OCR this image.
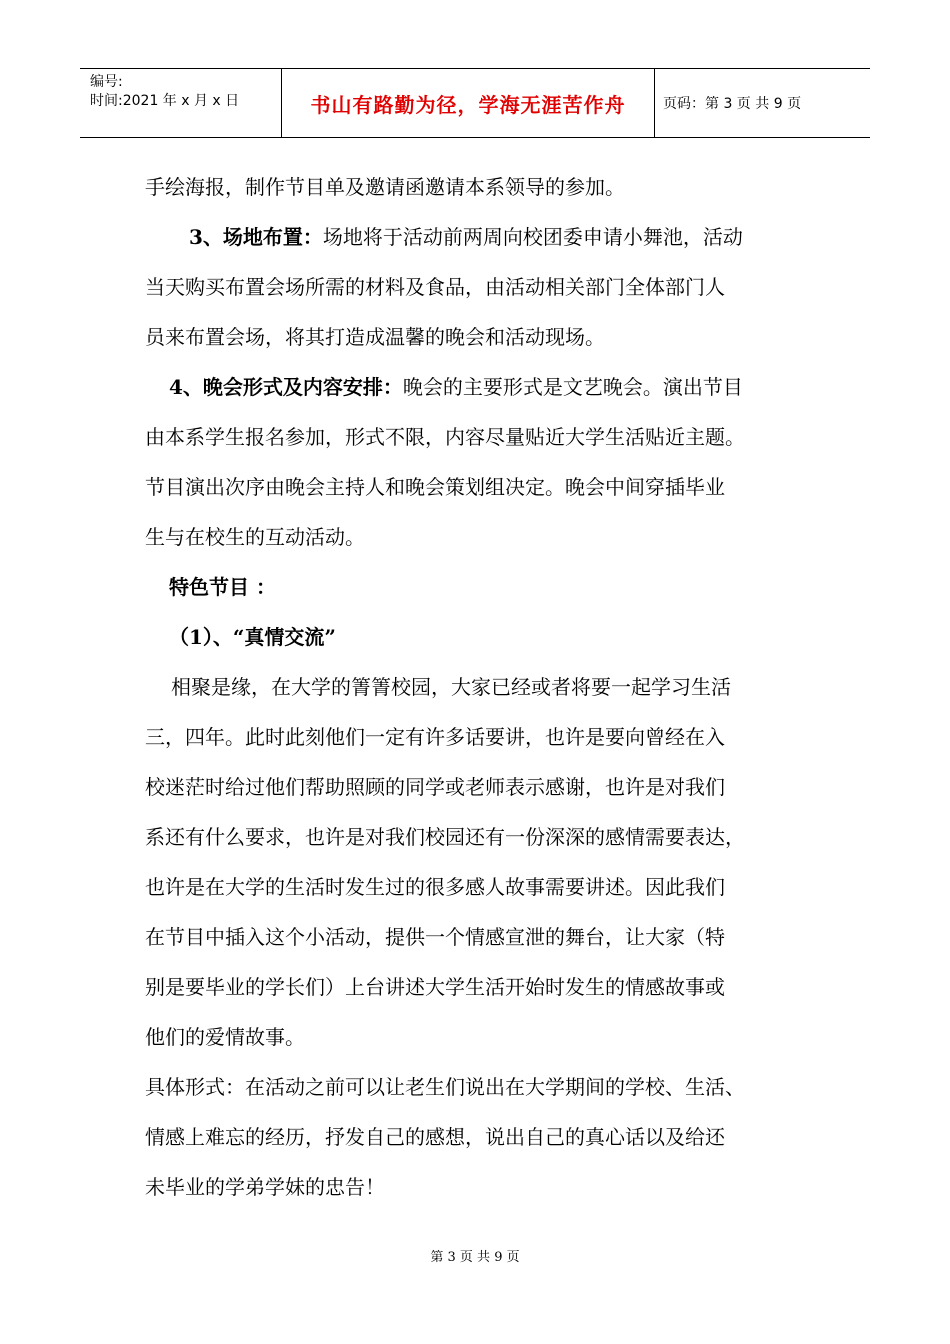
编号:
时间:2021 年 x 月 x 日	书山有路勤为径，学海无涯苦作舟	页码：第 3 页 共 9 页

手绘海报，制作节目单及邀请函邀请本系领导的参加。

3、场地布置：场地将于活动前两周向校团委申请小舞池，活动

当天购买布置会场所需的材料及食品，由活动相关部门全体部门人

员来布置会场，将其打造成温馨的晚会和活动现场。

4、晚会形式及内容安排：晚会的主要形式是文艺晚会。演出节目

由本系学生报名参加，形式不限，内容尽量贴近大学生活贴近主题。

节目演出次序由晚会主持人和晚会策划组决定。晚会中间穿插毕业

生与在校生的互动活动。

特色节目 ：

（1）、“真情交流”

相聚是缘，在大学的箐箐校园，大家已经或者将要一起学习生活

三，四年。此时此刻他们一定有许多话要讲，也许是要向曾经在入

校迷茫时给过他们帮助照顾的同学或老师表示感谢，也许是对我们

系还有什么要求，也许是对我们校园还有一份深深的感情需要表达，

也许是在大学的生活时发生过的很多感人故事需要讲述。因此我们

在节目中插入这个小活动，提供一个情感宣泄的舞台，让大家（特

别是要毕业的学长们）上台讲述大学生活开始时发生的情感故事或

他们的爱情故事。

具体形式：在活动之前可以让老生们说出在大学期间的学校、生活、

情感上难忘的经历，抒发自己的感想，说出自己的真心话以及给还

未毕业的学弟学妹的忠告！

第 3 页 共 9 页
